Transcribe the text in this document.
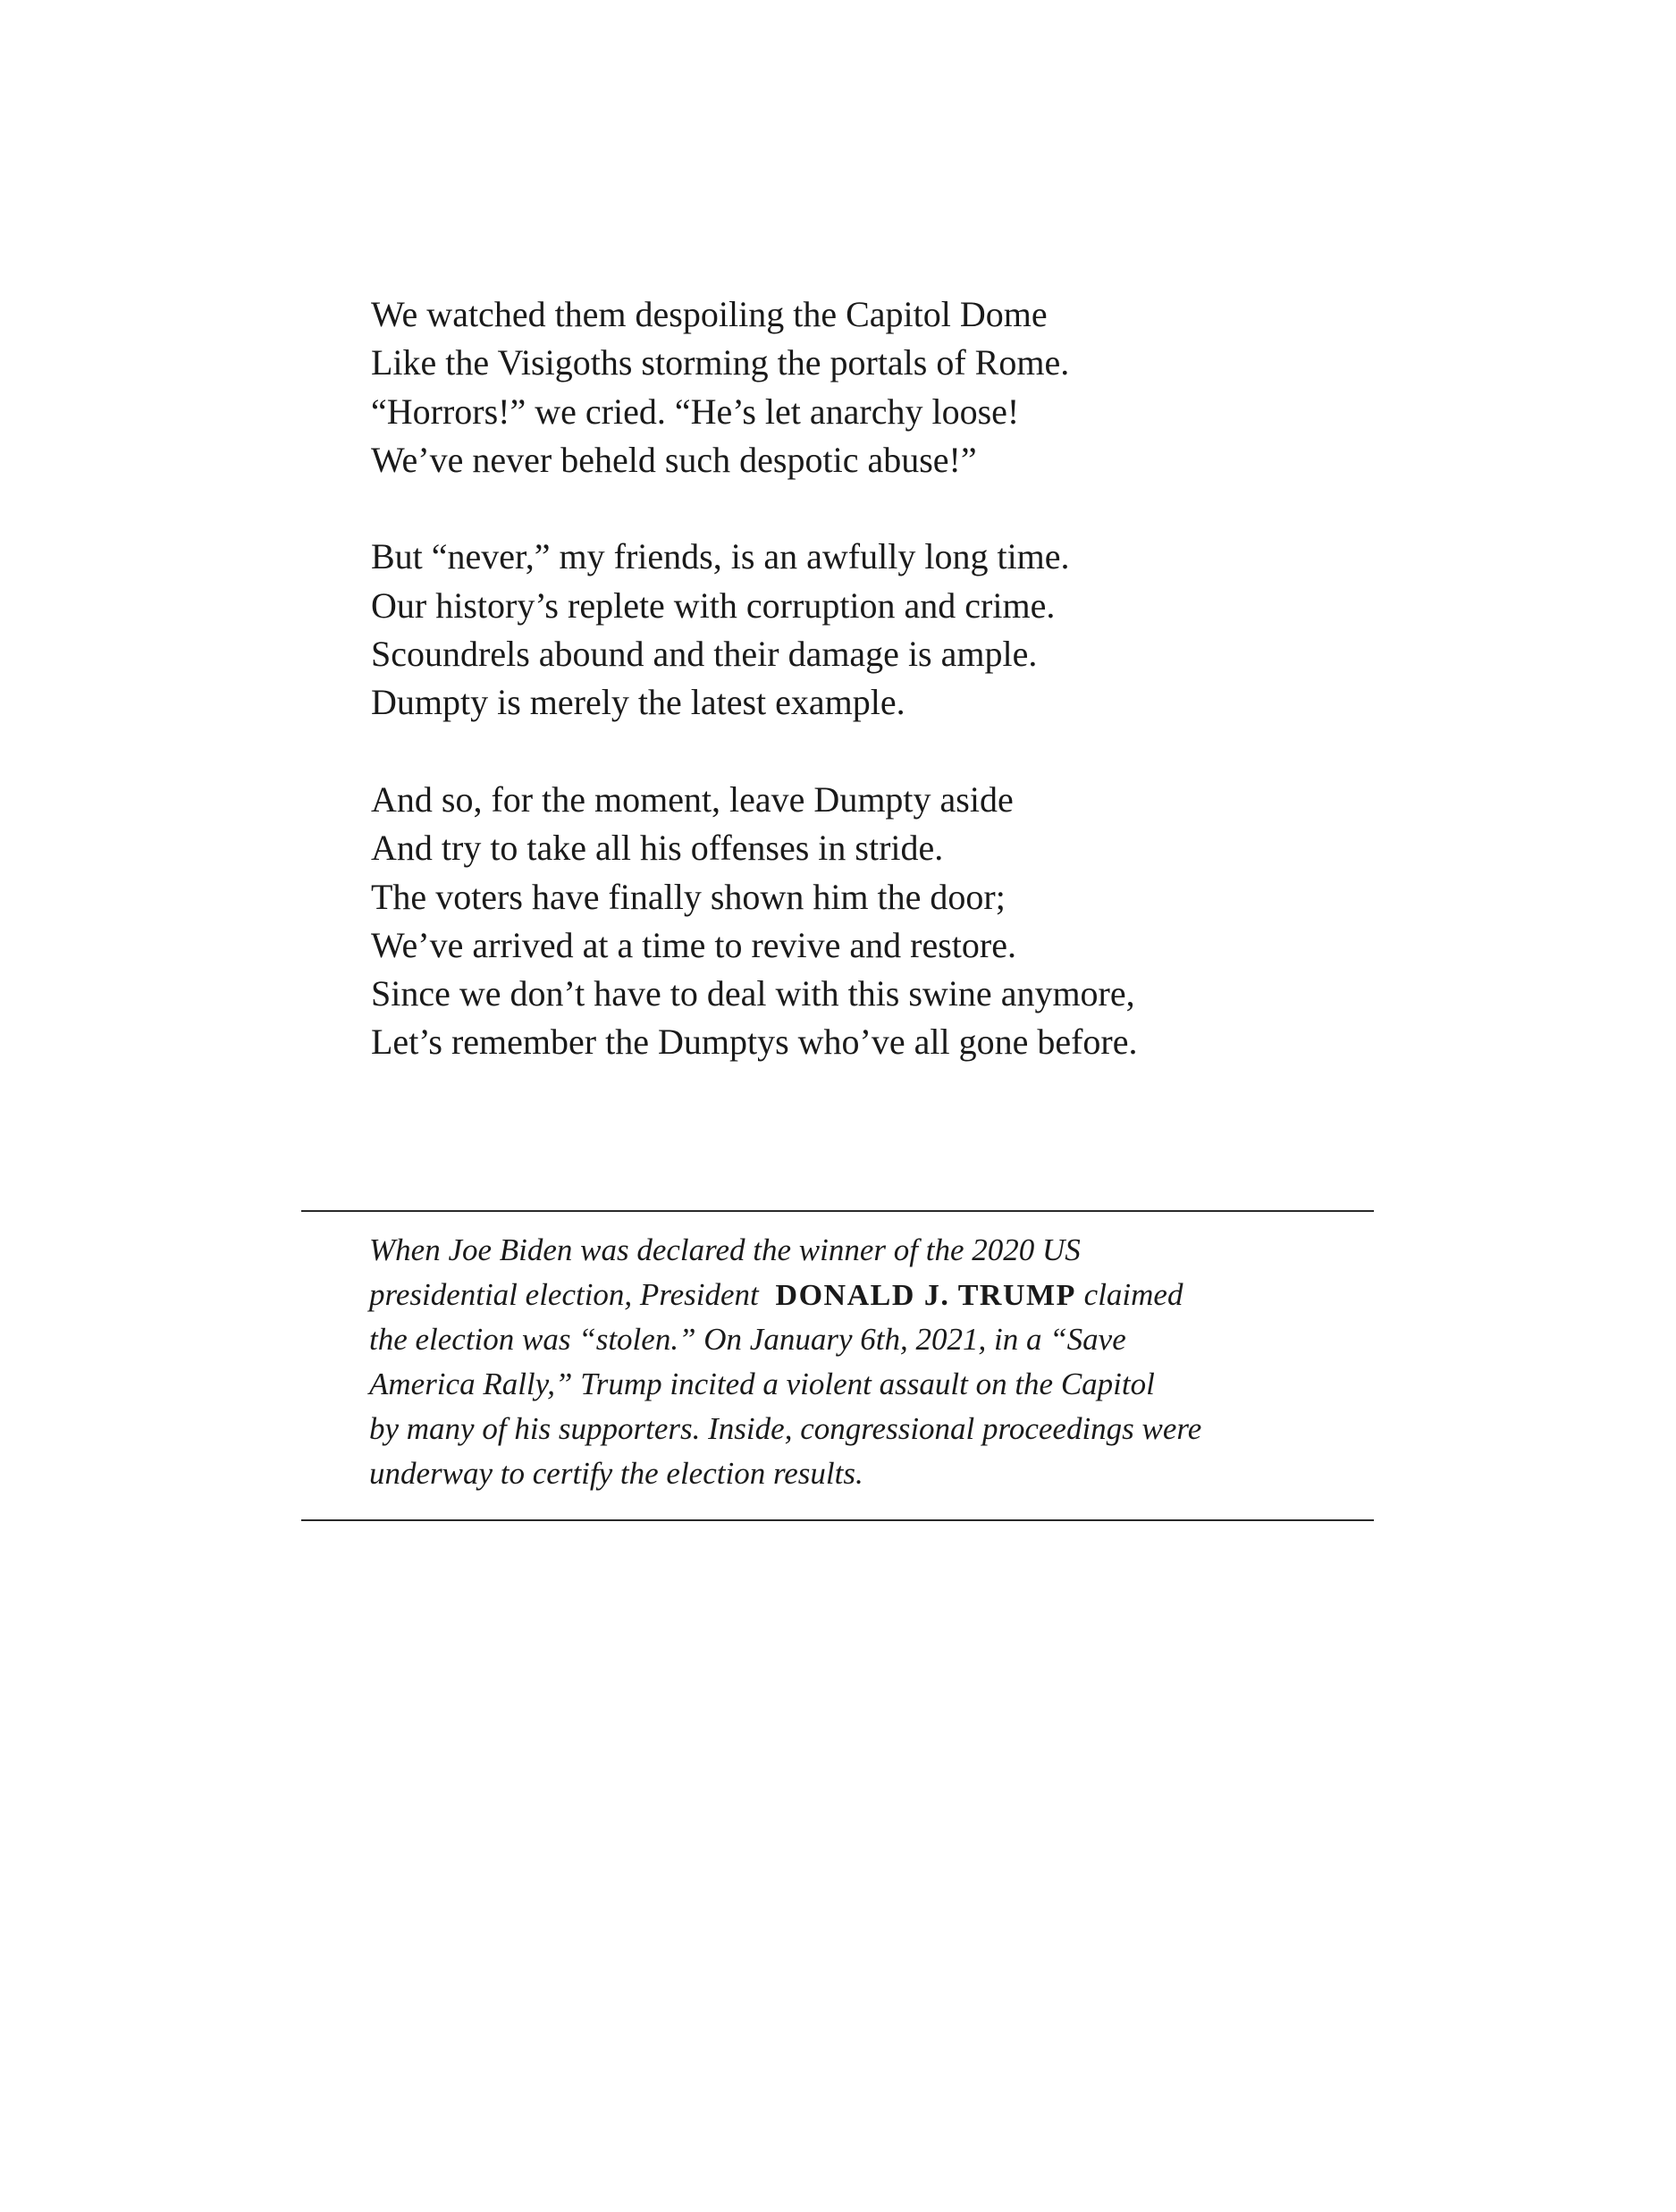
We watched them despoiling the Capitol Dome
Like the Visigoths storming the portals of Rome.
“Horrors!” we cried. “He’s let anarchy loose!
We’ve never beheld such despotic abuse!”
But “never,” my friends, is an awfully long time.
Our history’s replete with corruption and crime.
Scoundrels abound and their damage is ample.
Dumpty is merely the latest example.
And so, for the moment, leave Dumpty aside
And try to take all his offenses in stride.
The voters have finally shown him the door;
We’ve arrived at a time to revive and restore.
Since we don’t have to deal with this swine anymore,
Let’s remember the Dumptys who’ve all gone before.
When Joe Biden was declared the winner of the 2020 US
presidential election, President DONALD J. TRUMP claimed
the election was “stolen.” On January 6th, 2021, in a “Save
America Rally,” Trump incited a violent assault on the Capitol
by many of his supporters. Inside, congressional proceedings were
underway to certify the election results.
